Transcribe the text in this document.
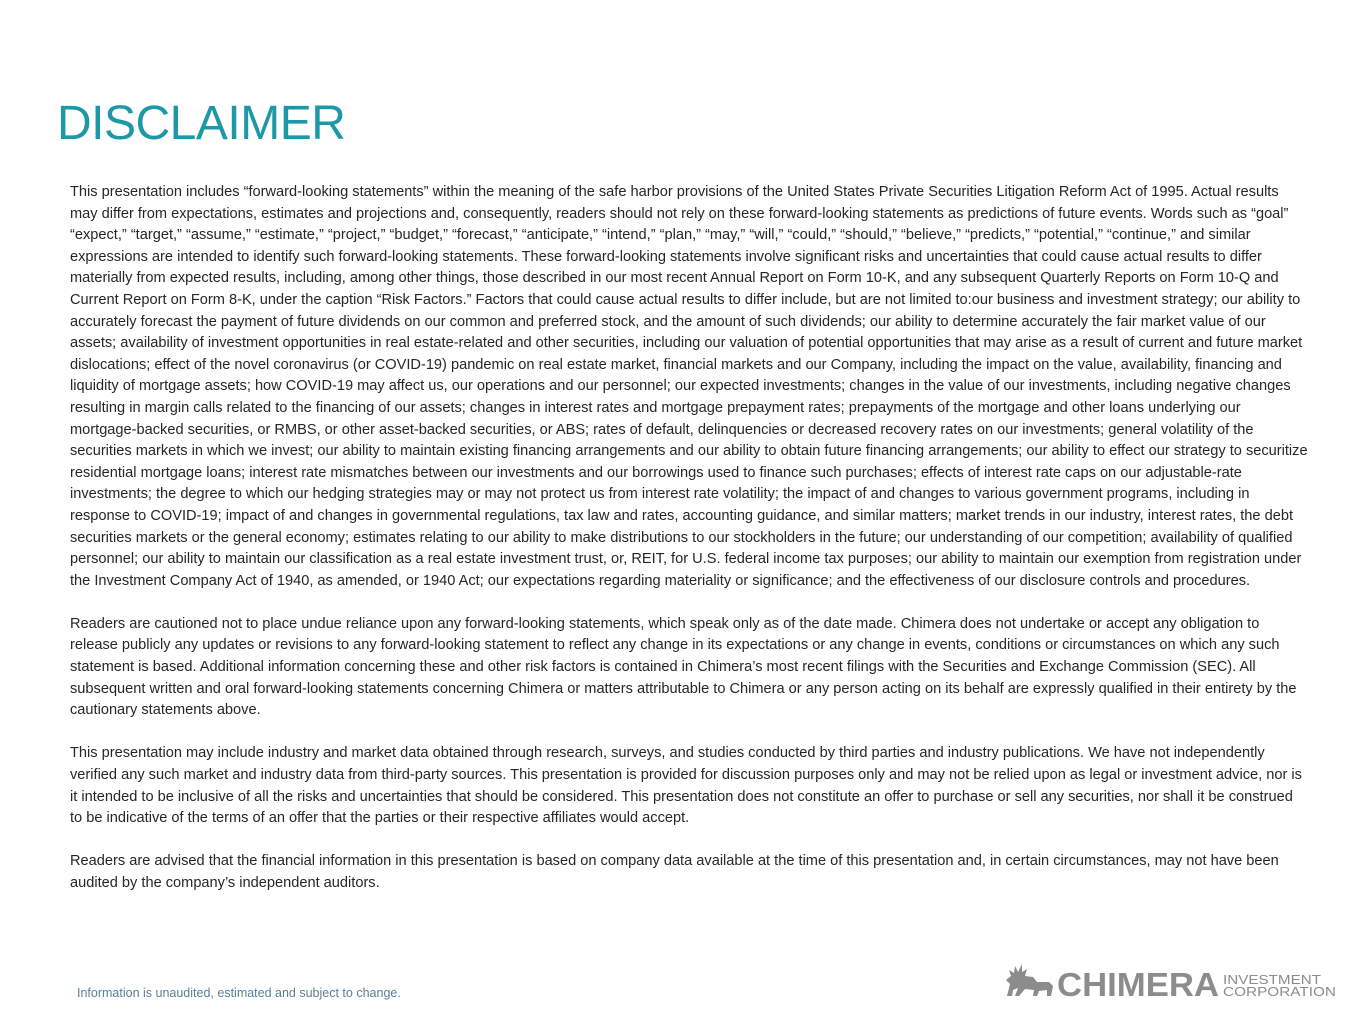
DISCLAIMER

This presentation includes “forward-looking statements” within the meaning of the safe harbor provisions of the United States Private Securities Litigation Reform Act of 1995. Actual results may differ from expectations, estimates and projections and, consequently, readers should not rely on these forward-looking statements as predictions of future events. Words such as “goal” “expect,” “target,” “assume,” “estimate,” “project,” “budget,” “forecast,” “anticipate,” “intend,” “plan,” “may,” “will,” “could,” “should,” “believe,” “predicts,” “potential,” “continue,” and similar expressions are intended to identify such forward-looking statements. These forward-looking statements involve significant risks and uncertainties that could cause actual results to differ materially from expected results, including, among other things, those described in our most recent Annual Report on Form 10-K, and any subsequent Quarterly Reports on Form 10-Q and Current Report on Form 8-K, under the caption “Risk Factors.” Factors that could cause actual results to differ include, but are not limited to:our business and investment strategy; our ability to accurately forecast the payment of future dividends on our common and preferred stock, and the amount of such dividends; our ability to determine accurately the fair market value of our assets; availability of investment opportunities in real estate-related and other securities, including our valuation of potential opportunities that may arise as a result of current and future market dislocations; effect of the novel coronavirus (or COVID-19) pandemic on real estate market, financial markets and our Company, including the impact on the value, availability, financing and liquidity of mortgage assets; how COVID-19 may affect us, our operations and our personnel; our expected investments; changes in the value of our investments, including negative changes resulting in margin calls related to the financing of our assets; changes in interest rates and mortgage prepayment rates; prepayments of the mortgage and other loans underlying our mortgage-backed securities, or RMBS, or other asset-backed securities, or ABS; rates of default, delinquencies or decreased recovery rates on our investments; general volatility of the securities markets in which we invest; our ability to maintain existing financing arrangements and our ability to obtain future financing arrangements; our ability to effect our strategy to securitize residential mortgage loans; interest rate mismatches between our investments and our borrowings used to finance such purchases; effects of interest rate caps on our adjustable-rate investments; the degree to which our hedging strategies may or may not protect us from interest rate volatility; the impact of and changes to various government programs, including in response to COVID-19; impact of and changes in governmental regulations, tax law and rates, accounting guidance, and similar matters; market trends in our industry, interest rates, the debt securities markets or the general economy; estimates relating to our ability to make distributions to our stockholders in the future; our understanding of our competition; availability of qualified personnel; our ability to maintain our classification as a real estate investment trust, or, REIT, for U.S. federal income tax purposes; our ability to maintain our exemption from registration under the Investment Company Act of 1940, as amended, or 1940 Act; our expectations regarding materiality or significance; and the effectiveness of our disclosure controls and procedures.

Readers are cautioned not to place undue reliance upon any forward-looking statements, which speak only as of the date made. Chimera does not undertake or accept any obligation to release publicly any updates or revisions to any forward-looking statement to reflect any change in its expectations or any change in events, conditions or circumstances on which any such statement is based. Additional information concerning these and other risk factors is contained in Chimera’s most recent filings with the Securities and Exchange Commission (SEC). All subsequent written and oral forward-looking statements concerning Chimera or matters attributable to Chimera or any person acting on its behalf are expressly qualified in their entirety by the cautionary statements above.

This presentation may include industry and market data obtained through research, surveys, and studies conducted by third parties and industry publications. We have not independently verified any such market and industry data from third-party sources. This presentation is provided for discussion purposes only and may not be relied upon as legal or investment advice, nor is it intended to be inclusive of all the risks and uncertainties that should be considered. This presentation does not constitute an offer to purchase or sell any securities, nor shall it be construed to be indicative of the terms of an offer that the parties or their respective affiliates would accept.

Readers are advised that the financial information in this presentation is based on company data available at the time of this presentation and, in certain circumstances, may not have been audited by the company’s independent auditors.

Information is unaudited, estimated and subject to change.	CHIMERA INVESTMENT
CORPORATION
